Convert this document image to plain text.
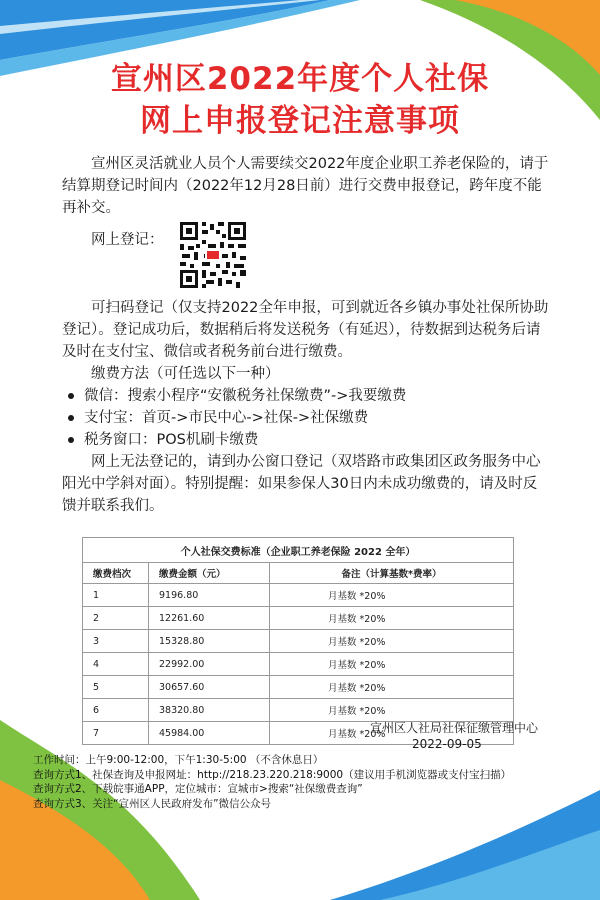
宣州区2022年度个人社保
网上申报登记注意事项

宣州区灵活就业人员个人需要续交2022年度企业职工养老保险的，请于结算期登记时间内（2022年12月28日前）进行交费申报登记，跨年度不能再补交。

网上登记：

可扫码登记（仅支持2022全年申报，可到就近各乡镇办事处社保所协助登记）。登记成功后，数据稍后将发送税务（有延迟），待数据到达税务后请及时在支付宝、微信或者税务前台进行缴费。

缴费方法（可任选以下一种）

微信：搜索小程序“安徽税务社保缴费”->我要缴费
支付宝：首页->市民中心->社保->社保缴费
税务窗口：POS机刷卡缴费

网上无法登记的，请到办公窗口登记（双塔路市政集团区政务服务中心阳光中学斜对面）。特别提醒：如果参保人30日内未成功缴费的，请及时反馈并联系我们。

个人社保交费标准（企业职工养老保险 2022 全年）
缴费档次	缴费金额（元）	备注（计算基数*费率）
1	9196.80	月基数 *20%
2	12261.60	月基数 *20%
3	15328.80	月基数 *20%
4	22992.00	月基数 *20%
5	30657.60	月基数 *20%
6	38320.80	月基数 *20%
7	45984.00	月基数 *20%
宣州区人社局社保征缴管理中心
2022-09-05
工作时间：上午9:00-12:00，下午1:30-5:00 （不含休息日）
查询方式1、社保查询及申报网址：http://218.23.220.218:9000（建议用手机浏览器或支付宝扫描）
查询方式2、下载皖事通APP，定位城市：宣城市>搜索“社保缴费查询”
查询方式3、关注“宣州区人民政府发布”微信公众号
